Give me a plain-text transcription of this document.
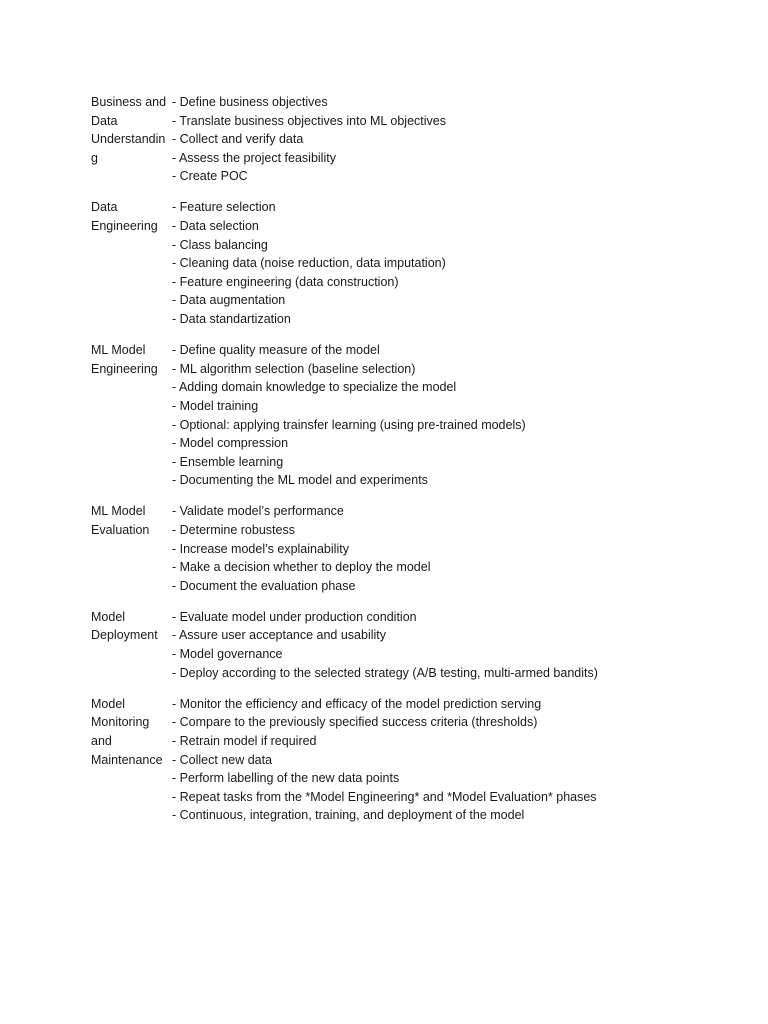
Business and
Data
Understandin
g
- Define business objectives
- Translate business objectives into ML objectives
- Collect and verify data
- Assess the project feasibility
- Create POC
Data
Engineering
- Feature selection
- Data selection
- Class balancing
- Cleaning data (noise reduction, data imputation)
- Feature engineering (data construction)
- Data augmentation
- Data standartization
ML Model
Engineering
- Define quality measure of the model
- ML algorithm selection (baseline selection)
- Adding domain knowledge to specialize the model
- Model training
- Optional: applying trainsfer learning (using pre-trained models)
- Model compression
- Ensemble learning
- Documenting the ML model and experiments
ML Model
Evaluation
- Validate model’s performance
- Determine robustess
- Increase model’s explainability
- Make a decision whether to deploy the model
- Document the evaluation phase
Model
Deployment
- Evaluate model under production condition
- Assure user acceptance and usability
- Model governance
- Deploy according to the selected strategy (A/B testing, multi-armed bandits)
Model
Monitoring
and
Maintenance
- Monitor the efficiency and efficacy of the model prediction serving
- Compare to the previously specified success criteria (thresholds)
- Retrain model if required
- Collect new data
- Perform labelling of the new data points
- Repeat tasks from the *Model Engineering* and *Model Evaluation* phases
- Continuous, integration, training, and deployment of the model
